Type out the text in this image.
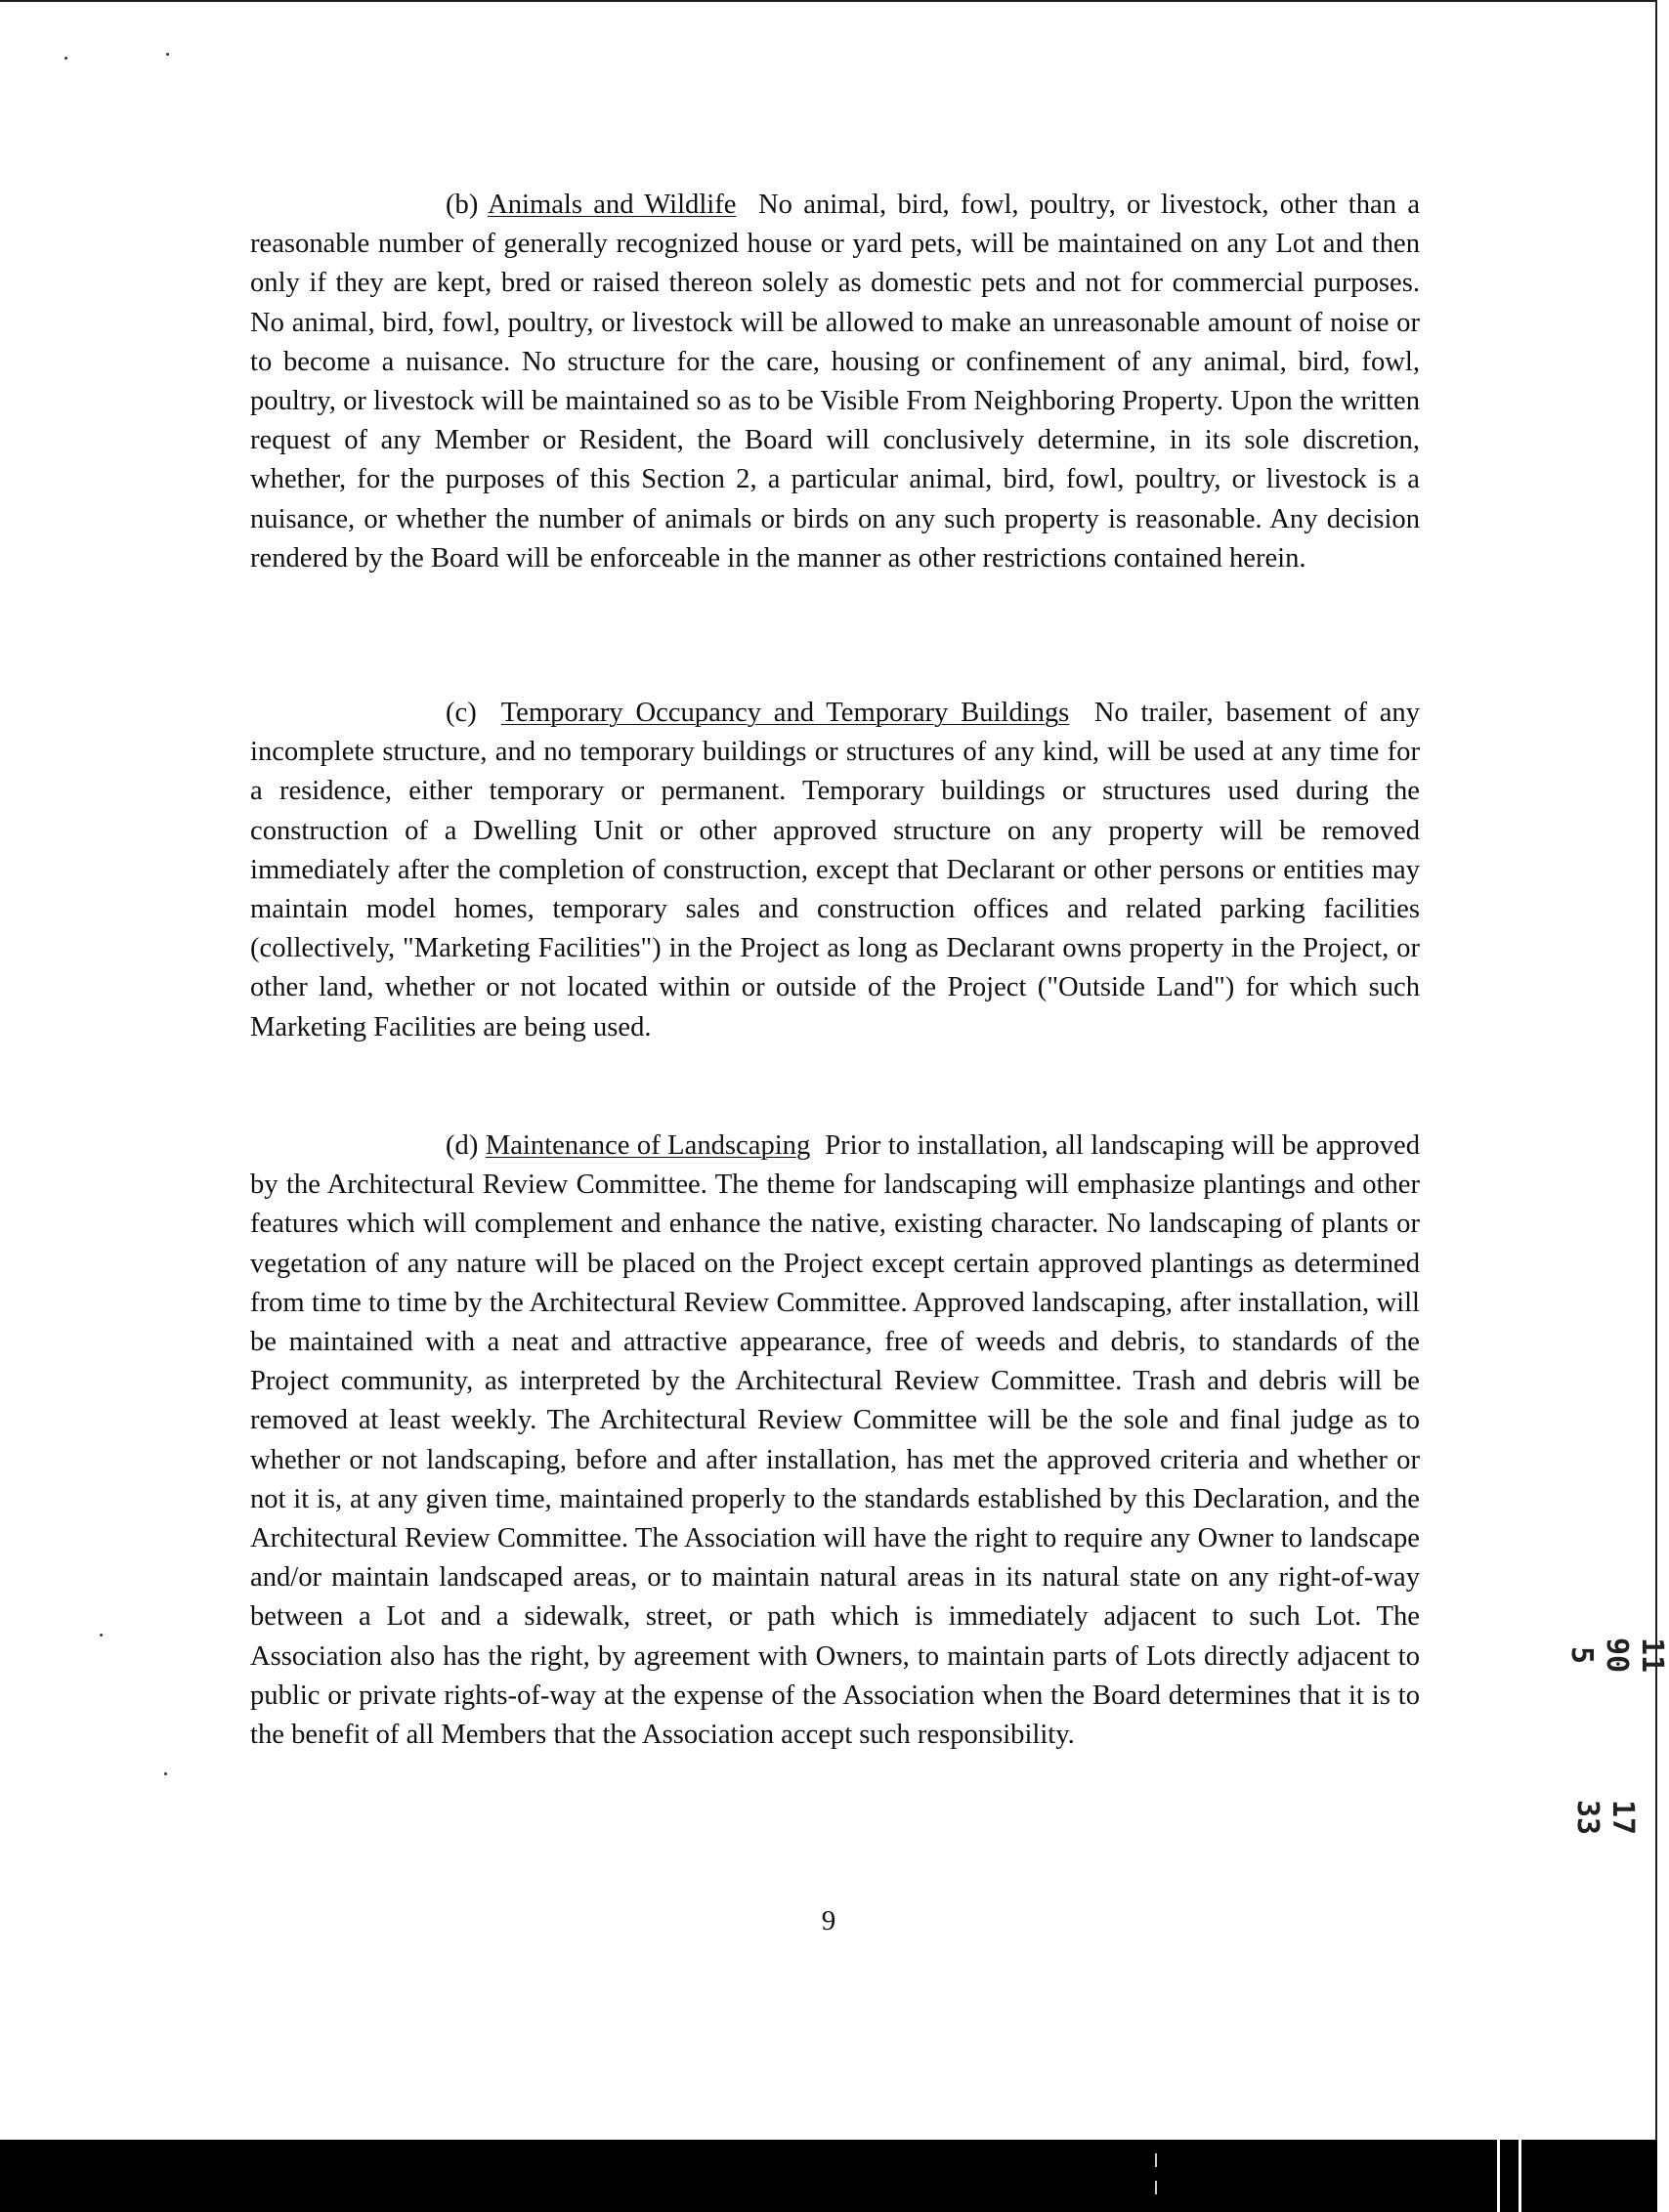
(b) Animals and Wildlife No animal, bird, fowl, poultry, or livestock, other than a reasonable number of generally recognized house or yard pets, will be maintained on any Lot and then only if they are kept, bred or raised thereon solely as domestic pets and not for commercial purposes. No animal, bird, fowl, poultry, or livestock will be allowed to make an unreasonable amount of noise or to become a nuisance. No structure for the care, housing or confinement of any animal, bird, fowl, poultry, or livestock will be maintained so as to be Visible From Neighboring Property. Upon the written request of any Member or Resident, the Board will conclusively determine, in its sole discretion, whether, for the purposes of this Section 2, a particular animal, bird, fowl, poultry, or livestock is a nuisance, or whether the number of animals or birds on any such property is reasonable. Any decision rendered by the Board will be enforceable in the manner as other restrictions contained herein.

(c) Temporary Occupancy and Temporary Buildings No trailer, basement of any incomplete structure, and no temporary buildings or structures of any kind, will be used at any time for a residence, either temporary or permanent. Temporary buildings or structures used during the construction of a Dwelling Unit or other approved structure on any property will be removed immediately after the completion of construction, except that Declarant or other persons or entities may maintain model homes, temporary sales and construction offices and related parking facilities (collectively, "Marketing Facilities") in the Project as long as Declarant owns property in the Project, or other land, whether or not located within or outside of the Project ("Outside Land") for which such Marketing Facilities are being used.

(d) Maintenance of Landscaping Prior to installation, all landscaping will be approved by the Architectural Review Committee. The theme for landscaping will emphasize plantings and other features which will complement and enhance the native, existing character. No landscaping of plants or vegetation of any nature will be placed on the Project except certain approved plantings as determined from time to time by the Architectural Review Committee. Approved landscaping, after installation, will be maintained with a neat and attractive appearance, free of weeds and debris, to standards of the Project community, as interpreted by the Architectural Review Committee. Trash and debris will be removed at least weekly. The Architectural Review Committee will be the sole and final judge as to whether or not landscaping, before and after installation, has met the approved criteria and whether or not it is, at any given time, maintained properly to the standards established by this Declaration, and the Architectural Review Committee. The Association will have the right to require any Owner to landscape and/or maintain landscaped areas, or to maintain natural areas in its natural state on any right-of-way between a Lot and a sidewalk, street, or path which is immediately adjacent to such Lot. The Association also has the right, by agreement with Owners, to maintain parts of Lots directly adjacent to public or private rights-of-way at the expense of the Association when the Board determines that it is to the benefit of all Members that the Association accept such responsibility.

9

11905
1733
